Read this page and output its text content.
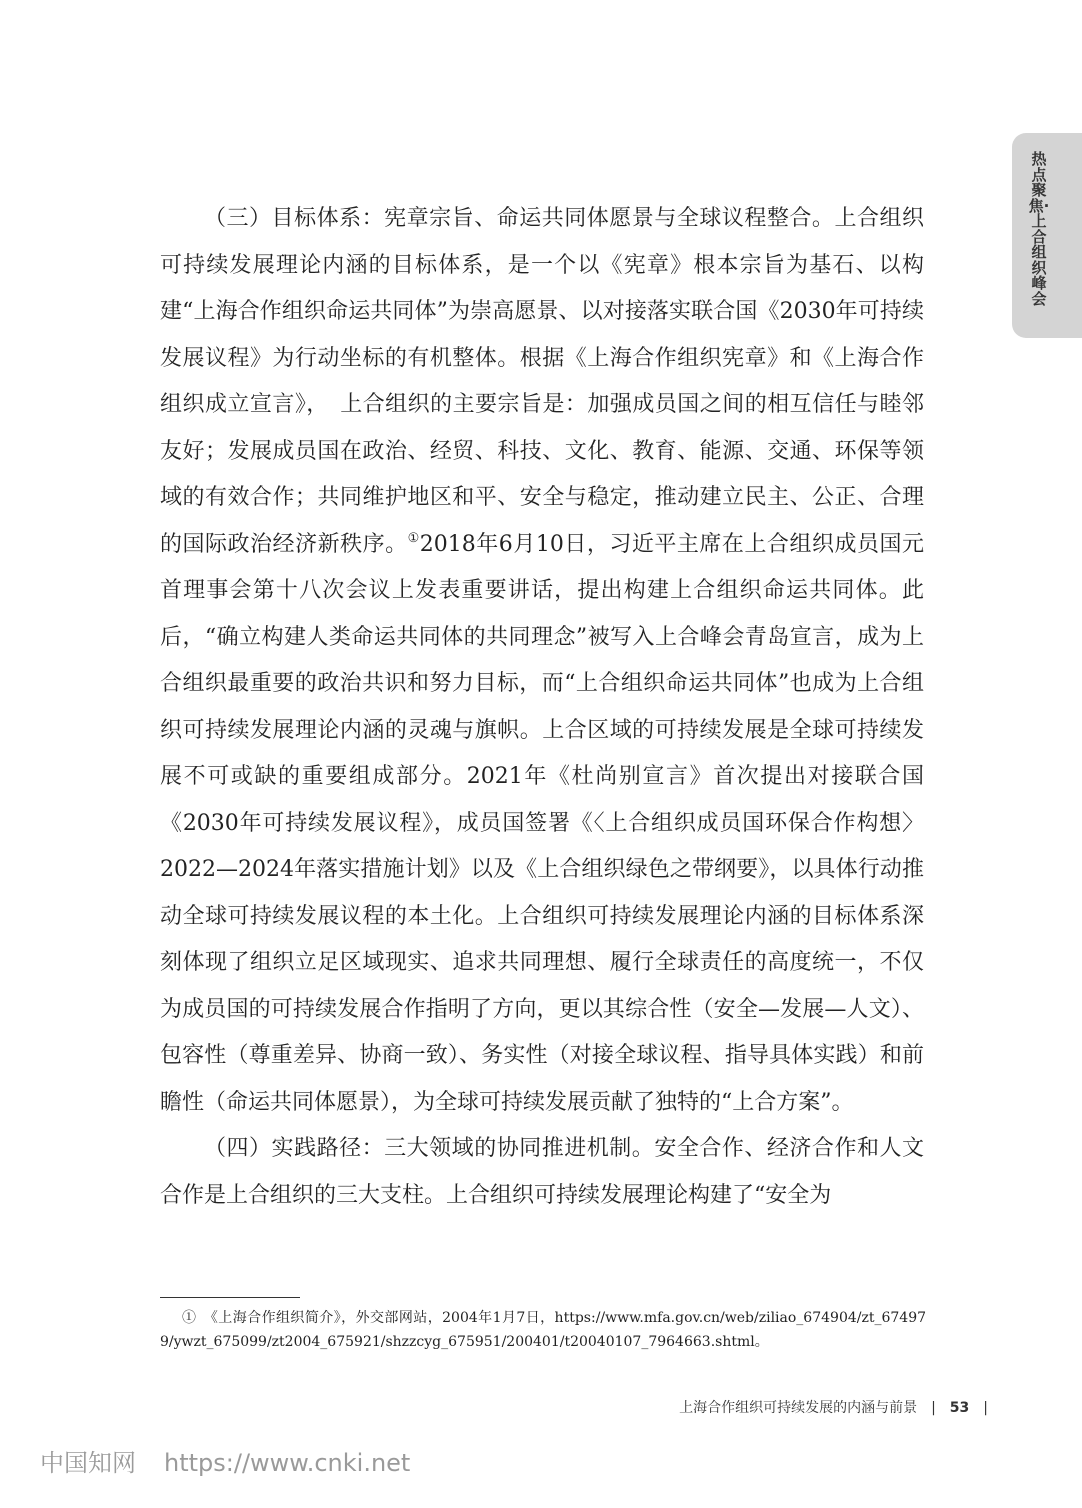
热点聚焦·上合组织峰会

（三）目标体系：宪章宗旨、命运共同体愿景与全球议程整合。上合组织可持续发展理论内涵的目标体系，是一个以《宪章》根本宗旨为基石、以构建“上海合作组织命运共同体”为崇高愿景、以对接落实联合国《2030年可持续发展议程》为行动坐标的有机整体。根据《上海合作组织宪章》和《上海合作组织成立宣言》，　上合组织的主要宗旨是：加强成员国之间的相互信任与睦邻友好；发展成员国在政治、经贸、科技、文化、教育、能源、交通、环保等领域的有效合作；共同维护地区和平、安全与稳定，推动建立民主、公正、合理的国际政治经济新秩序。①2018年6月10日，习近平主席在上合组织成员国元首理事会第十八次会议上发表重要讲话，提出构建上合组织命运共同体。此后，“确立构建人类命运共同体的共同理念”被写入上合峰会青岛宣言，成为上合组织最重要的政治共识和努力目标，而“上合组织命运共同体”也成为上合组织可持续发展理论内涵的灵魂与旗帜。上合区域的可持续发展是全球可持续发展不可或缺的重要组成部分。2021年《杜尚别宣言》首次提出对接联合国《2030年可持续发展议程》，成员国签署《〈上合组织成员国环保合作构想〉2022—2024年落实措施计划》以及《上合组织绿色之带纲要》，以具体行动推动全球可持续发展议程的本土化。上合组织可持续发展理论内涵的目标体系深刻体现了组织立足区域现实、追求共同理想、履行全球责任的高度统一，不仅为成员国的可持续发展合作指明了方向，更以其综合性（安全—发展—人文）、包容性（尊重差异、协商一致）、务实性（对接全球议程、指导具体实践）和前瞻性（命运共同体愿景），为全球可持续发展贡献了独特的“上合方案”。

（四）实践路径：三大领域的协同推进机制。安全合作、经济合作和人文合作是上合组织的三大支柱。上合组织可持续发展理论构建了“安全为

①　 《上海合作组织简介》，外交部网站，2004年1月7日，https://www.mfa.gov.cn/web/ziliao_674904/zt_674979/ywzt_675099/zt2004_675921/shzzcyg_675951/200401/t20040107_7964663.shtml。
上海合作组织可持续发展的内涵与前景　 |　 53　 |
中国知网 https://www.cnki.net
